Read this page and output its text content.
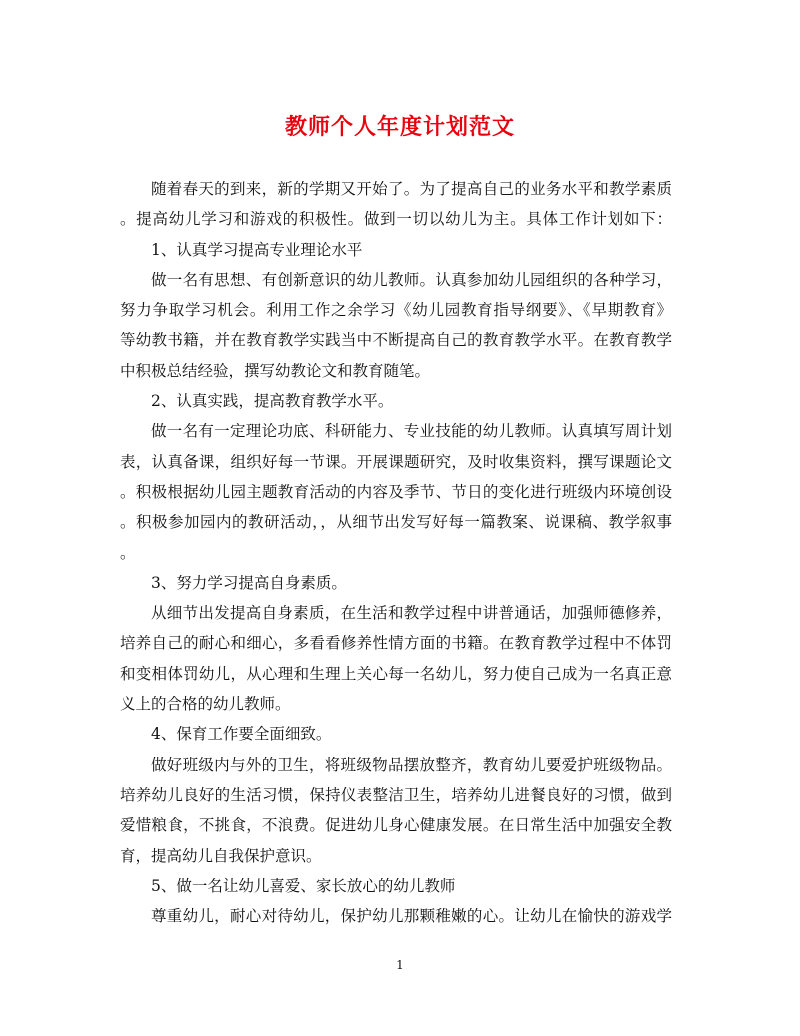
教师个人年度计划范文
随着春天的到来，新的学期又开始了。为了提高自己的业务水平和教学素质
。提高幼儿学习和游戏的积极性。做到一切以幼儿为主。具体工作计划如下：
1、认真学习提高专业理论水平
做一名有思想、有创新意识的幼儿教师。认真参加幼儿园组织的各种学习，
努力争取学习机会。利用工作之余学习《幼儿园教育指导纲要》、《早期教育》
等幼教书籍，并在教育教学实践当中不断提高自己的教育教学水平。在教育教学
中积极总结经验，撰写幼教论文和教育随笔。
2、认真实践，提高教育教学水平。
做一名有一定理论功底、科研能力、专业技能的幼儿教师。认真填写周计划
表，认真备课，组织好每一节课。开展课题研究，及时收集资料，撰写课题论文
。积极根据幼儿园主题教育活动的内容及季节、节日的变化进行班级内环境创设
。积极参加园内的教研活动，，从细节出发写好每一篇教案、说课稿、教学叙事
。
3、努力学习提高自身素质。
从细节出发提高自身素质，在生活和教学过程中讲普通话，加强师德修养，
培养自己的耐心和细心，多看看修养性情方面的书籍。在教育教学过程中不体罚
和变相体罚幼儿，从心理和生理上关心每一名幼儿，努力使自己成为一名真正意
义上的合格的幼儿教师。
4、保育工作要全面细致。
做好班级内与外的卫生，将班级物品摆放整齐，教育幼儿要爱护班级物品。
培养幼儿良好的生活习惯，保持仪表整洁卫生，培养幼儿进餐良好的习惯，做到
爱惜粮食，不挑食，不浪费。促进幼儿身心健康发展。在日常生活中加强安全教
育，提高幼儿自我保护意识。
5、做一名让幼儿喜爱、家长放心的幼儿教师
尊重幼儿，耐心对待幼儿，保护幼儿那颗稚嫩的心。让幼儿在愉快的游戏学
1
